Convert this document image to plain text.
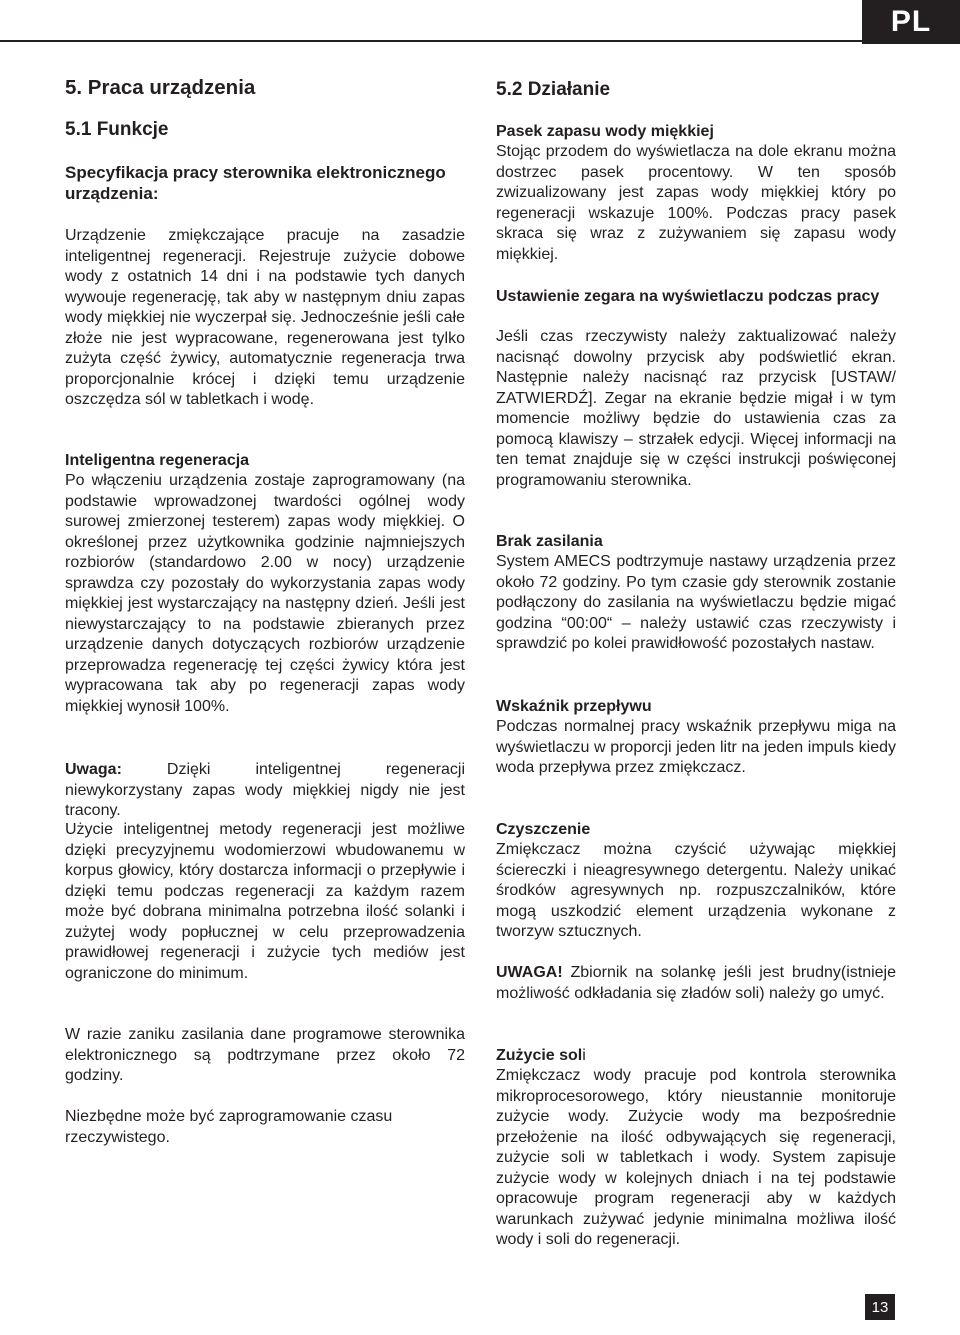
PL
5. Praca urządzenia
5.1 Funkcje
Specyfikacja pracy sterownika elektronicznego urządzenia:

Urządzenie zmiękczające pracuje na zasadzie inteligentnej regeneracji. Rejestruje zużycie dobowe wody z ostatnich 14 dni i na podstawie tych danych wywouje regenerację, tak aby w następnym dniu zapas wody miękkiej nie wyczerpał się. Jednocześnie jeśli całe złoże nie jest wypracowane, regenerowana jest tylko zużyta część żywicy, automatycznie regeneracja trwa proporcjonalnie krócej i dzięki temu urządzenie oszczędza sól w tabletkach i wodę.

Inteligentna regeneracja

Po włączeniu urządzenia zostaje zaprogramowany (na podstawie wprowadzonej twardości ogólnej wody surowej zmierzonej testerem) zapas wody miękkiej. O określonej przez użytkownika godzinie najmniejszych rozbiorów (standardowo 2.00 w nocy) urządzenie sprawdza czy pozostały do wykorzystania zapas wody miękkiej jest wystarczający na następny dzień. Jeśli jest niewystarczający to na podstawie zbieranych przez urządzenie danych dotyczących rozbiorów urządzenie przeprowadza regenerację tej części żywicy która jest wypracowana tak aby po regeneracji zapas wody miękkiej wynosił 100%.

Uwaga: Dzięki inteligentnej regeneracji niewykorzystany zapas wody miękkiej nigdy nie jest tracony.

Użycie inteligentnej metody regeneracji jest możliwe dzięki precyzyjnemu wodomierzowi wbudowanemu w korpus głowicy, który dostarcza informacji o przepływie i dzięki temu podczas regeneracji za każdym razem może być dobrana minimalna potrzebna ilość solanki i zużytej wody popłucznej w celu przeprowadzenia prawidłowej regeneracji i zużycie tych mediów jest ograniczone do minimum.

W razie zaniku zasilania dane programowe sterownika elektronicznego są podtrzymane przez około 72 godziny.

Niezbędne może być zaprogramowanie czasu rzeczywistego.

5.2 Działanie
Pasek zapasu wody miękkiej

Stojąc przodem do wyświetlacza na dole ekranu można dostrzec pasek procentowy. W ten sposób zwizualizowany jest zapas wody miękkiej który po regeneracji wskazuje 100%. Podczas pracy pasek skraca się wraz z zużywaniem się zapasu wody miękkiej.

Ustawienie zegara na wyświetlaczu podczas pracy

Jeśli czas rzeczywisty należy zaktualizować należy nacisnąć dowolny przycisk aby podświetlić ekran. Następnie należy nacisnąć raz przycisk [USTAW/ ZATWIERDŹ]. Zegar na ekranie będzie migał i w tym momencie możliwy będzie do ustawienia czas za pomocą klawiszy – strzałek edycji. Więcej informacji na ten temat znajduje się w części instrukcji poświęconej programowaniu sterownika.

Brak zasilania

System AMECS podtrzymuje nastawy urządzenia przez około 72 godziny. Po tym czasie gdy sterownik zostanie podłączony do zasilania na wyświetlaczu będzie migać godzina “00:00“ – należy ustawić czas rzeczywisty i sprawdzić po kolei prawidłowość pozostałych nastaw.

Wskaźnik przepływu

Podczas normalnej pracy wskaźnik przepływu miga na wyświetlaczu w proporcji jeden litr na jeden impuls kiedy woda przepływa przez zmiękczacz.

Czyszczenie

Zmiękczacz można czyścić używając miękkiej ściereczki i nieagresywnego detergentu. Należy unikać środków agresywnych np. rozpuszczalników, które mogą uszkodzić element urządzenia wykonane z tworzyw sztucznych.

UWAGA! Zbiornik na solankę jeśli jest brudny(istnieje możliwość odkładania się zładów soli) należy go umyć.

Zużycie soli

Zmiękczacz wody pracuje pod kontrola sterownika mikroprocesorowego, który nieustannie monitoruje zużycie wody. Zużycie wody ma bezpośrednie przełożenie na ilość odbywających się regeneracji, zużycie soli w tabletkach i wody. System zapisuje zużycie wody w kolejnych dniach i na tej podstawie opracowuje program regeneracji aby w każdych warunkach zużywać jedynie minimalna możliwa ilość wody i soli do regeneracji.

13
